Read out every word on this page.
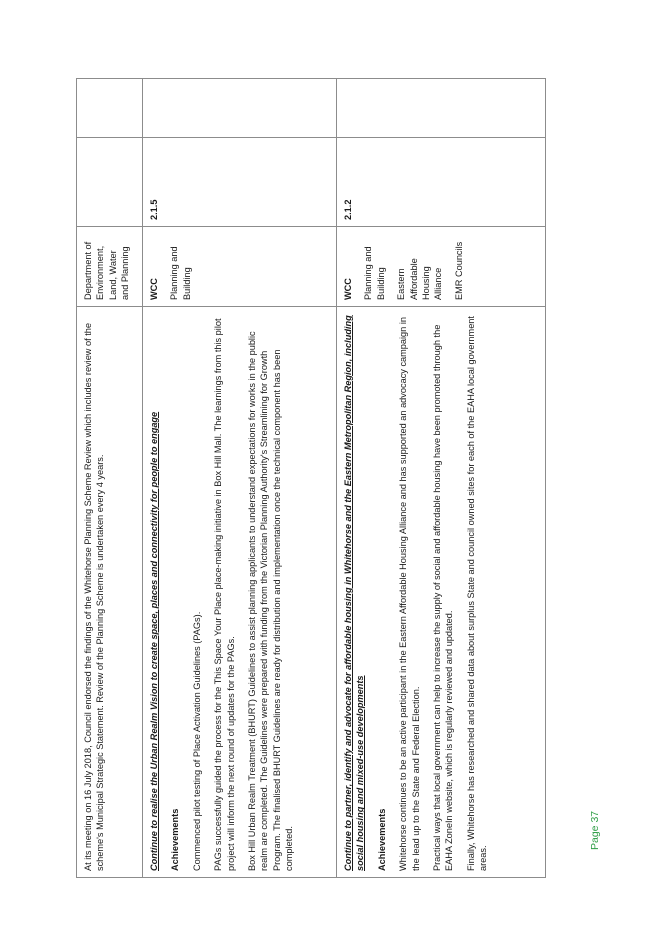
At its meeting on 16 July 2018, Council endorsed the findings of the Whitehorse Planning Scheme Review which includes review of the scheme's Municipal Strategic Statement. Review of the Planning Scheme is undertaken every 4 years.
Department of Environment, Land, Water and Planning
Continue to realise the Urban Realm Vision to create space, places and connectivity for people to engage Achievements Commenced pilot testing of Place Activation Guidelines (PAGs). PAGs successfully guided the process for the This Space Your Place place-making initiative in Box Hill Mall. The learnings from this pilot project will inform the next round of updates for the PAGs. Box Hill Urban Realm Treatment (BHURT) Guidelines to assist planning applicants to understand expectations for works in the public realm are completed. The Guidelines were prepared with funding from the Victorian Planning Authority's Streamlining for Growth Program. The finalised BHURT Guidelines are ready for distribution and implementation once the technical component has been completed.
WCC Planning and Building
2.1.5
Continue to partner, identify and advocate for affordable housing in Whitehorse and the Eastern Metropolitan Region, including social housing and mixed-use developments Achievements Whitehorse continues to be an active participant in the Eastern Affordable Housing Alliance and has supported an advocacy campaign in the lead up to the State and Federal Election. Practical ways that local government can help to increase the supply of social and affordable housing have been promoted through the EAHA ZoneIn website, which is regularly reviewed and updated. Finally, Whitehorse has researched and shared data about surplus State and council owned sites for each of the EAHA local government areas.
WCC Planning and Building Eastern Affordable Housing Alliance EMR Councils
2.1.2
Page 37
